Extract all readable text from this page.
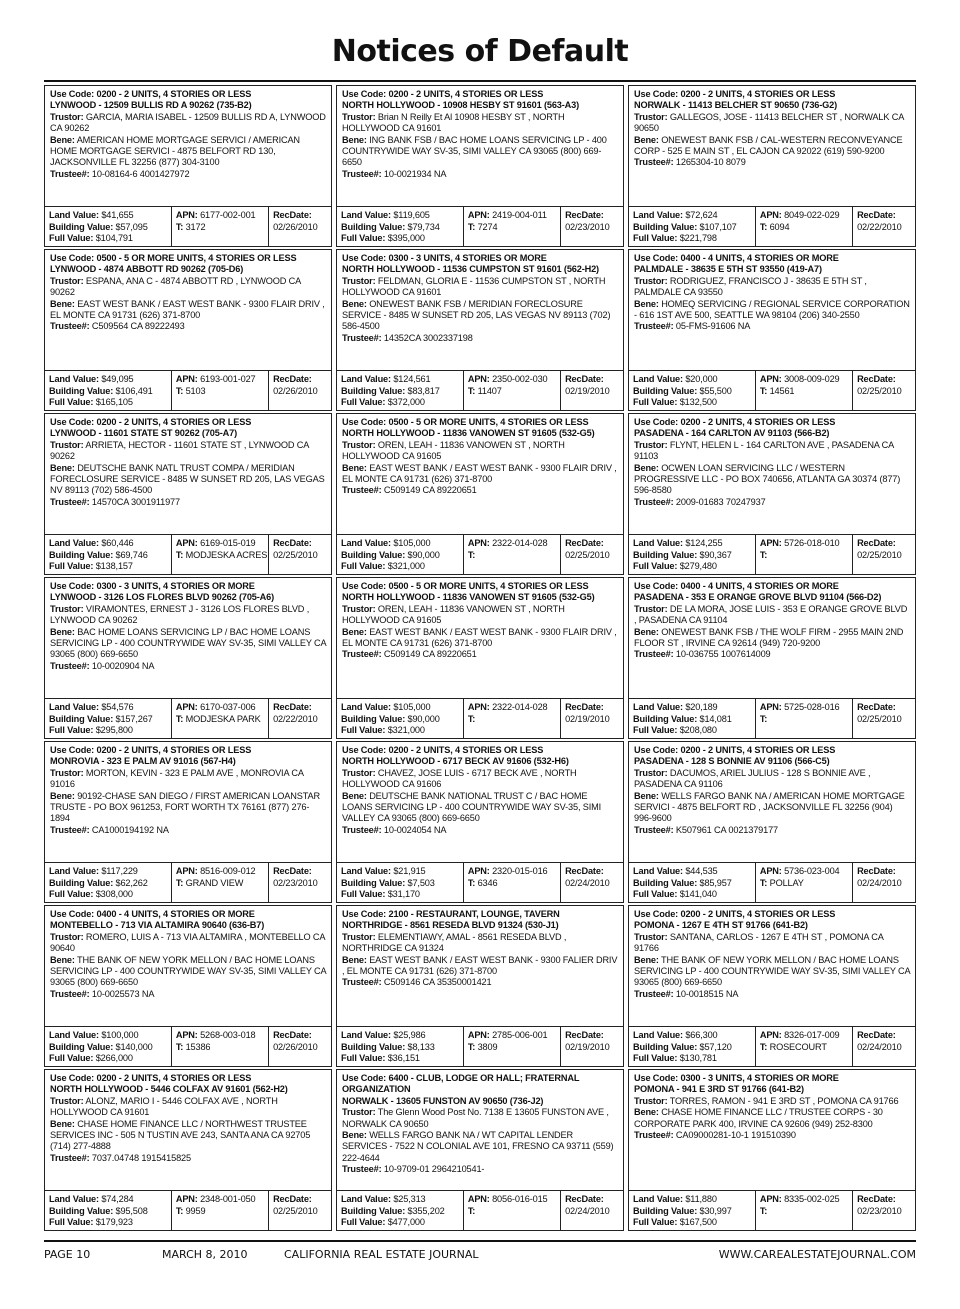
Notices of Default
Use Code: 0200 - 2 UNITS, 4 STORIES OR LESS
LYNWOOD - 12509 BULLIS RD A 90262 (735-B2)
Trustor: GARCIA, MARIA ISABEL - 12509 BULLIS RD A, LYNWOOD CA 90262
Bene: AMERICAN HOME MORTGAGE SERVICI / AMERICAN HOME MORTGAGE SERVICI - 4875 BELFORT RD 130, JACKSONVILLE FL 32256 (877) 304-3100
Trustee#: 10-08164-6 4001427972
Land Value: $41,655
Building Value: $57,095
Full Value: $104,791
APN: 6177-002-001
T: 3172
RecDate:
02/26/2010
Use Code: 0500 - 5 OR MORE UNITS, 4 STORIES OR LESS
LYNWOOD - 4874 ABBOTT RD 90262 (705-D6)
Trustor: ESPANA, ANA C - 4874 ABBOTT RD , LYNWOOD CA 90262
Bene: EAST WEST BANK / EAST WEST BANK - 9300 FLAIR DRIV , EL MONTE CA 91731 (626) 371-8700
Trustee#: C509564 CA 89222493
Land Value: $49,095
Building Value: $106,491
Full Value: $165,105
APN: 6193-001-027
T: 5103
RecDate:
02/26/2010
Use Code: 0200 - 2 UNITS, 4 STORIES OR LESS
LYNWOOD - 11601 STATE ST 90262 (705-A7)
Trustor: ARRIETA, HECTOR - 11601 STATE ST , LYNWOOD CA 90262
Bene: DEUTSCHE BANK NATL TRUST COMPA / MERIDIAN FORECLOSURE SERVICE - 8485 W SUNSET RD 205, LAS VEGAS NV 89113 (702) 586-4500
Trustee#: 14570CA 3001911977
Land Value: $60,446
Building Value: $69,746
Full Value: $138,157
APN: 6169-015-019
T: MODJESKA ACRES
RecDate:
02/25/2010
Use Code: 0300 - 3 UNITS, 4 STORIES OR MORE
LYNWOOD - 3126 LOS FLORES BLVD 90262 (705-A6)
Trustor: VIRAMONTES, ERNEST J - 3126 LOS FLORES BLVD , LYNWOOD CA 90262
Bene: BAC HOME LOANS SERVICING LP / BAC HOME LOANS SERVICING LP - 400 COUNTRYWIDE WAY SV-35, SIMI VALLEY CA 93065 (800) 669-6650
Trustee#: 10-0020904 NA
Land Value: $54,576
Building Value: $157,267
Full Value: $295,800
APN: 6170-037-006
T: MODJESKA PARK
RecDate:
02/22/2010
Use Code: 0200 - 2 UNITS, 4 STORIES OR LESS
MONROVIA - 323 E PALM AV 91016 (567-H4)
Trustor: MORTON, KEVIN - 323 E PALM AVE , MONROVIA CA 91016
Bene: 90192-CHASE SAN DIEGO / FIRST AMERICAN LOANSTAR TRUSTE - PO BOX 961253, FORT WORTH TX 76161 (877) 276-1894
Trustee#: CA1000194192 NA
Land Value: $117,229
Building Value: $62,262
Full Value: $308,000
APN: 8516-009-012
T: GRAND VIEW
RecDate:
02/23/2010
Use Code: 0400 - 4 UNITS, 4 STORIES OR MORE
MONTEBELLO - 713 VIA ALTAMIRA 90640 (636-B7)
Trustor: ROMERO, LUIS A - 713 VIA ALTAMIRA , MONTEBELLO CA 90640
Bene: THE BANK OF NEW YORK MELLON / BAC HOME LOANS SERVICING LP - 400 COUNTRYWIDE WAY SV-35, SIMI VALLEY CA 93065 (800) 669-6650
Trustee#: 10-0025573 NA
Land Value: $100,000
Building Value: $140,000
Full Value: $266,000
APN: 5268-003-018
T: 15386
RecDate:
02/26/2010
Use Code: 0200 - 2 UNITS, 4 STORIES OR LESS
NORTH HOLLYWOOD - 5446 COLFAX AV 91601 (562-H2)
Trustor: ALONZ, MARIO I - 5446 COLFAX AVE , NORTH HOLLYWOOD CA 91601
Bene: CHASE HOME FINANCE LLC / NORTHWEST TRUSTEE SERVICES INC - 505 N TUSTIN AVE 243, SANTA ANA CA 92705 (714) 277-4888
Trustee#: 7037.04748 1915415825
Land Value: $74,284
Building Value: $95,508
Full Value: $179,923
APN: 2348-001-050
T: 9959
RecDate:
02/25/2010
Use Code: 0200 - 2 UNITS, 4 STORIES OR LESS
NORTH HOLLYWOOD - 10908 HESBY ST 91601 (563-A3)
Trustor: Brian N Reilly Et Al 10908 HESBY ST , NORTH HOLLYWOOD CA 91601
Bene: ING BANK FSB / BAC HOME LOANS SERVICING LP - 400 COUNTRYWIDE WAY SV-35, SIMI VALLEY CA 93065 (800) 669-6650
Trustee#: 10-0021934 NA
Land Value: $119,605
Building Value: $79,734
Full Value: $395,000
APN: 2419-004-011
T: 7274
RecDate:
02/23/2010
Use Code: 0300 - 3 UNITS, 4 STORIES OR MORE
NORTH HOLLYWOOD - 11536 CUMPSTON ST 91601 (562-H2)
Trustor: FELDMAN, GLORIA E - 11536 CUMPSTON ST , NORTH HOLLYWOOD CA 91601
Bene: ONEWEST BANK FSB / MERIDIAN FORECLOSURE SERVICE - 8485 W SUNSET RD 205, LAS VEGAS NV 89113 (702) 586-4500
Trustee#: 14352CA 3002337198
Land Value: $124,561
Building Value: $83,817
Full Value: $372,000
APN: 2350-002-030
T: 11407
RecDate:
02/19/2010
Use Code: 0500 - 5 OR MORE UNITS, 4 STORIES OR LESS
NORTH HOLLYWOOD - 11836 VANOWEN ST 91605 (532-G5)
Trustor: OREN, LEAH - 11836 VANOWEN ST , NORTH HOLLYWOOD CA 91605
Bene: EAST WEST BANK / EAST WEST BANK - 9300 FLAIR DRIV , EL MONTE CA 91731 (626) 371-8700
Trustee#: C509149 CA 89220651
Land Value: $105,000
Building Value: $90,000
Full Value: $321,000
APN: 2322-014-028
T:
RecDate:
02/25/2010
Use Code: 0500 - 5 OR MORE UNITS, 4 STORIES OR LESS
NORTH HOLLYWOOD - 11836 VANOWEN ST 91605 (532-G5)
Trustor: OREN, LEAH - 11836 VANOWEN ST , NORTH HOLLYWOOD CA 91605
Bene: EAST WEST BANK / EAST WEST BANK - 9300 FLAIR DRIV , EL MONTE CA 91731 (626) 371-8700
Trustee#: C509149 CA 89220651
Land Value: $105,000
Building Value: $90,000
Full Value: $321,000
APN: 2322-014-028
T:
RecDate:
02/19/2010
Use Code: 0200 - 2 UNITS, 4 STORIES OR LESS
NORTH HOLLYWOOD - 6717 BECK AV 91606 (532-H6)
Trustor: CHAVEZ, JOSE LUIS - 6717 BECK AVE , NORTH HOLLYWOOD CA 91606
Bene: DEUTSCHE BANK NATIONAL TRUST C / BAC HOME LOANS SERVICING LP - 400 COUNTRYWIDE WAY SV-35, SIMI VALLEY CA 93065 (800) 669-6650
Trustee#: 10-0024054 NA
Land Value: $21,915
Building Value: $7,503
Full Value: $31,170
APN: 2320-015-016
T: 6346
RecDate:
02/24/2010
Use Code: 2100 - RESTAURANT, LOUNGE, TAVERN
NORTHRIDGE - 8561 RESEDA BLVD 91324 (530-J1)
Trustor: ELEMENTIAWY, AMAL - 8561 RESEDA BLVD , NORTHRIDGE CA 91324
Bene: EAST WEST BANK / EAST WEST BANK - 9300 FALIER DRIV , EL MONTE CA 91731 (626) 371-8700
Trustee#: C509146 CA 35350001421
Land Value: $25,986
Building Value: $8,133
Full Value: $36,151
APN: 2785-006-001
T: 3809
RecDate:
02/19/2010
Use Code: 6400 - CLUB, LODGE OR HALL; FRATERNAL ORGANIZATION
NORWALK - 13605 FUNSTON AV 90650 (736-J2)
Trustor: The Glenn Wood Post No. 7138 E 13605 FUNSTON AVE , NORWALK CA 90650
Bene: WELLS FARGO BANK NA / WT CAPITAL LENDER SERVICES - 7522 N COLONIAL AVE 101, FRESNO CA 93711 (559) 222-4644
Trustee#: 10-9709-01 2964210541-
Land Value: $25,313
Building Value: $355,202
Full Value: $477,000
APN: 8056-016-015
T:
RecDate:
02/24/2010
Use Code: 0200 - 2 UNITS, 4 STORIES OR LESS
NORWALK - 11413 BELCHER ST 90650 (736-G2)
Trustor: GALLEGOS, JOSE - 11413 BELCHER ST , NORWALK CA 90650
Bene: ONEWEST BANK FSB / CAL-WESTERN RECONVEYANCE CORP - 525 E MAIN ST , EL CAJON CA 92022 (619) 590-9200
Trustee#: 1265304-10 8079
Land Value: $72,624
Building Value: $107,107
Full Value: $221,798
APN: 8049-022-029
T: 6094
RecDate:
02/22/2010
Use Code: 0400 - 4 UNITS, 4 STORIES OR MORE
PALMDALE - 38635 E 5TH ST 93550 (419-A7)
Trustor: RODRIGUEZ, FRANCISCO J - 38635 E 5TH ST , PALMDALE CA 93550
Bene: HOMEQ SERVICING / REGIONAL SERVICE CORPORATION - 616 1ST AVE 500, SEATTLE WA 98104 (206) 340-2550
Trustee#: 05-FMS-91606 NA
Land Value: $20,000
Building Value: $55,500
Full Value: $132,500
APN: 3008-009-029
T: 14561
RecDate:
02/25/2010
Use Code: 0200 - 2 UNITS, 4 STORIES OR LESS
PASADENA - 164 CARLTON AV 91103 (566-B2)
Trustor: FLYNT, HELEN L - 164 CARLTON AVE , PASADENA CA 91103
Bene: OCWEN LOAN SERVICING LLC / WESTERN PROGRESSIVE LLC - PO BOX 740656, ATLANTA GA 30374 (877) 596-8580
Trustee#: 2009-01683 70247937
Land Value: $124,255
Building Value: $90,367
Full Value: $279,480
APN: 5726-018-010
T:
RecDate:
02/25/2010
Use Code: 0400 - 4 UNITS, 4 STORIES OR MORE
PASADENA - 353 E ORANGE GROVE BLVD 91104 (566-D2)
Trustor: DE LA MORA, JOSE LUIS - 353 E ORANGE GROVE BLVD , PASADENA CA 91104
Bene: ONEWEST BANK FSB / THE WOLF FIRM - 2955 MAIN 2ND FLOOR ST , IRVINE CA 92614 (949) 720-9200
Trustee#: 10-036755 1007614009
Land Value: $20,189
Building Value: $14,081
Full Value: $208,080
APN: 5725-028-016
T:
RecDate:
02/25/2010
Use Code: 0200 - 2 UNITS, 4 STORIES OR LESS
PASADENA - 128 S BONNIE AV 91106 (566-C5)
Trustor: DACUMOS, ARIEL JULIUS - 128 S BONNIE AVE , PASADENA CA 91106
Bene: WELLS FARGO BANK NA / AMERICAN HOME MORTGAGE SERVICI - 4875 BELFORT RD , JACKSONVILLE FL 32256 (904) 996-9600
Trustee#: K507961 CA 0021379177
Land Value: $44,535
Building Value: $85,957
Full Value: $141,040
APN: 5736-023-004
T: POLLAY
RecDate:
02/24/2010
Use Code: 0200 - 2 UNITS, 4 STORIES OR LESS
POMONA - 1267 E 4TH ST 91766 (641-B2)
Trustor: SANTANA, CARLOS - 1267 E 4TH ST , POMONA CA 91766
Bene: THE BANK OF NEW YORK MELLON / BAC HOME LOANS SERVICING LP - 400 COUNTRYWIDE WAY SV-35, SIMI VALLEY CA 93065 (800) 669-6650
Trustee#: 10-0018515 NA
Land Value: $66,300
Building Value: $57,120
Full Value: $130,781
APN: 8326-017-009
T: ROSECOURT
RecDate:
02/24/2010
Use Code: 0300 - 3 UNITS, 4 STORIES OR MORE
POMONA - 941 E 3RD ST 91766 (641-B2)
Trustor: TORRES, RAMON - 941 E 3RD ST , POMONA CA 91766
Bene: CHASE HOME FINANCE LLC / TRUSTEE CORPS - 30 CORPORATE PARK 400, IRVINE CA 92606 (949) 252-8300
Trustee#: CA09000281-10-1 191510390
Land Value: $11,880
Building Value: $30,997
Full Value: $167,500
APN: 8335-002-025
T:
RecDate:
02/23/2010
PAGE 10	MARCH 8, 2010	CALIFORNIA REAL ESTATE JOURNAL	WWW.CAREALESTATEJOURNAL.COM
